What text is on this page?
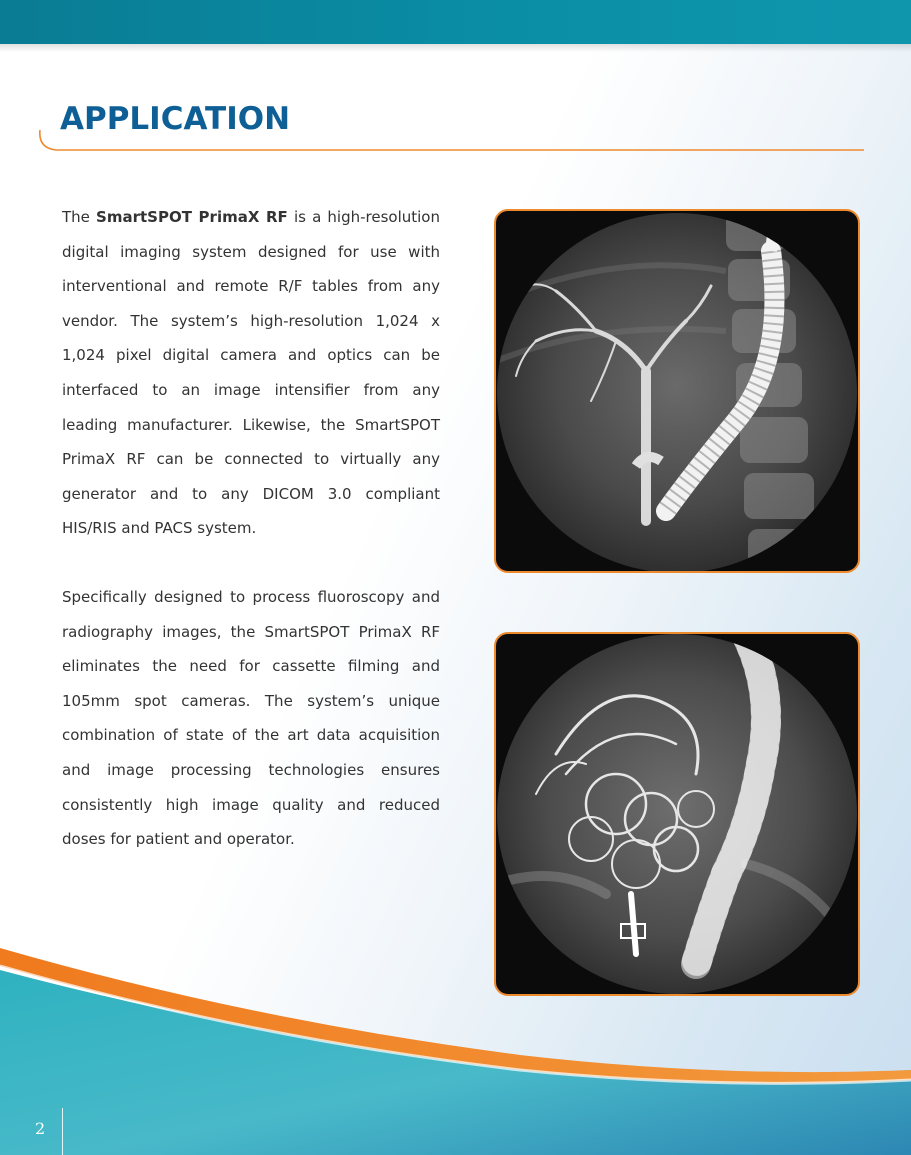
APPLICATION

The SmartSPOT PrimaX RF is a high-resolution digital imaging system designed for use with interventional and remote R/F tables from any vendor. The system’s high-resolution 1,024 x 1,024 pixel digital camera and optics can be interfaced to an image intensifier from any leading manufacturer. Likewise, the SmartSPOT PrimaX RF can be connected to virtually any generator and to any DICOM 3.0 compliant HIS/RIS and PACS system.

Specifically designed to process fluoroscopy and radiography images, the SmartSPOT PrimaX RF eliminates the need for cassette filming and 105mm spot cameras. The system’s unique combination of state of the art data acquisition and image processing technologies ensures consistently high image quality and reduced doses for patient and operator.

2
